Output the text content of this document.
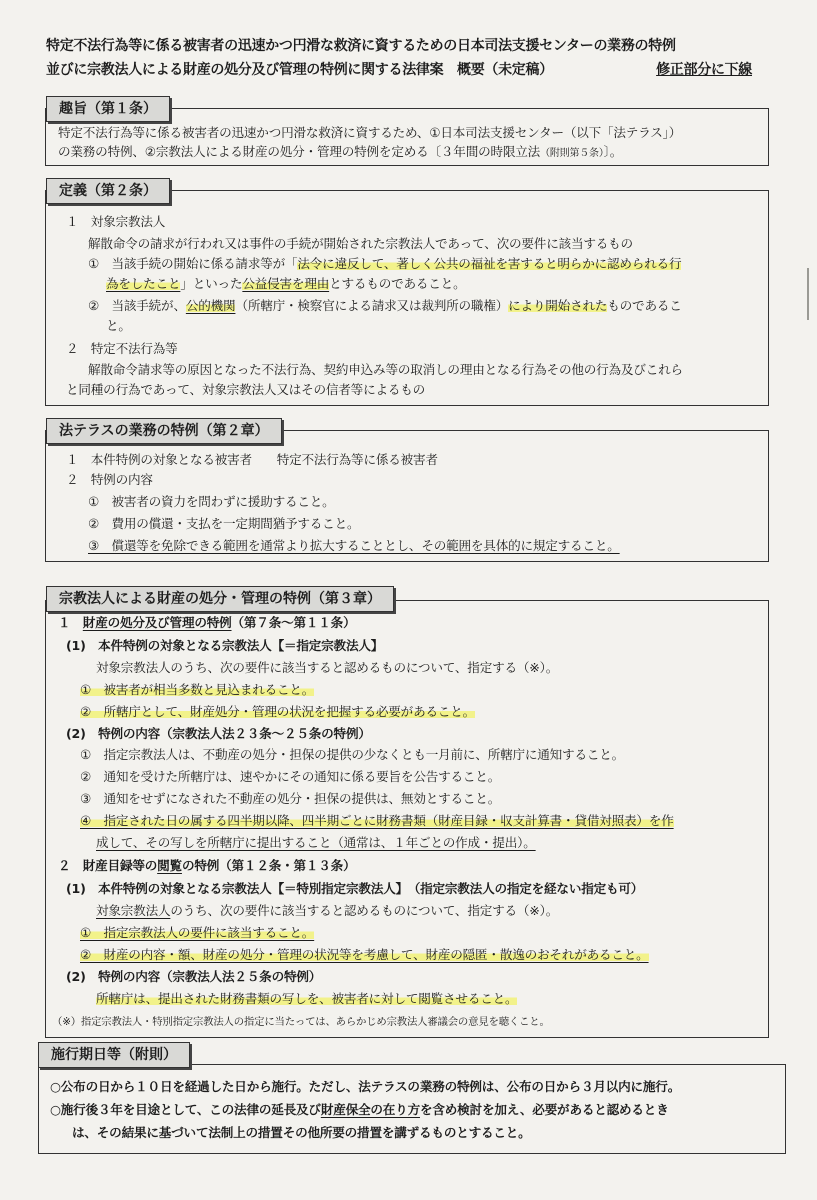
特定不法行為等に係る被害者の迅速かつ円滑な救済に資するための日本司法支援センターの業務の特例
並びに宗教法人による財産の処分及び管理の特例に関する法律案　概要（未定稿）	修正部分に下線
趣旨（第１条）
特定不法行為等に係る被害者の迅速かつ円滑な救済に資するため、①日本司法支援センター（以下「法テラス」）
の業務の特例、②宗教法人による財産の処分・管理の特例を定める〔３年間の時限立法（附則第５条）〕。
定義（第２条）
１　対象宗教法人
解散命令の請求が行われ又は事件の手続が開始された宗教法人であって、次の要件に該当するもの
①　当該手続の開始に係る請求等が「法令に違反して、著しく公共の福祉を害すると明らかに認められる行
為をしたこと」といった公益侵害を理由とするものであること。
②　当該手続が、公的機関（所轄庁・検察官による請求又は裁判所の職権）により開始されたものであるこ
と。
２　特定不法行為等
解散命令請求等の原因となった不法行為、契約申込み等の取消しの理由となる行為その他の行為及びこれら
と同種の行為であって、対象宗教法人又はその信者等によるもの
法テラスの業務の特例（第２章）
１　本件特例の対象となる被害者　　特定不法行為等に係る被害者
２　特例の内容
①　被害者の資力を問わずに援助すること。
②　費用の償還・支払を一定期間猶予すること。
③　償還等を免除できる範囲を通常より拡大することとし、その範囲を具体的に規定すること。
宗教法人による財産の処分・管理の特例（第３章）
１　財産の処分及び管理の特例（第７条～第１１条）
(1)　本件特例の対象となる宗教法人【＝指定宗教法人】
対象宗教法人のうち、次の要件に該当すると認めるものについて、指定する（※）。
①　被害者が相当多数と見込まれること。
②　所轄庁として、財産処分・管理の状況を把握する必要があること。
(2)　特例の内容（宗教法人法２３条～２５条の特例）
①　指定宗教法人は、不動産の処分・担保の提供の少なくとも一月前に、所轄庁に通知すること。
②　通知を受けた所轄庁は、速やかにその通知に係る要旨を公告すること。
③　通知をせずになされた不動産の処分・担保の提供は、無効とすること。
④　指定された日の属する四半期以降、四半期ごとに財務書類（財産目録・収支計算書・貸借対照表）を作
成して、その写しを所轄庁に提出すること（通常は、１年ごとの作成・提出）。
２　財産目録等の閲覧の特例（第１２条・第１３条）
(1)　本件特例の対象となる宗教法人【＝特別指定宗教法人】　（指定宗教法人の指定を経ない指定も可）
対象宗教法人のうち、次の要件に該当すると認めるものについて、指定する（※）。
①　指定宗教法人の要件に該当すること。
②　財産の内容・額、財産の処分・管理の状況等を考慮して、財産の隠匿・散逸のおそれがあること。
(2)　特例の内容（宗教法人法２５条の特例）
所轄庁は、提出された財務書類の写しを、被害者に対して閲覧させること。
（※）指定宗教法人・特別指定宗教法人の指定に当たっては、あらかじめ宗教法人審議会の意見を聴くこと。
施行期日等（附則）
○公布の日から１０日を経過した日から施行。ただし、法テラスの業務の特例は、公布の日から３月以内に施行。
○施行後３年を目途として、この法律の延長及び財産保全の在り方を含め検討を加え、必要があると認めるとき
は、その結果に基づいて法制上の措置その他所要の措置を講ずるものとすること。
